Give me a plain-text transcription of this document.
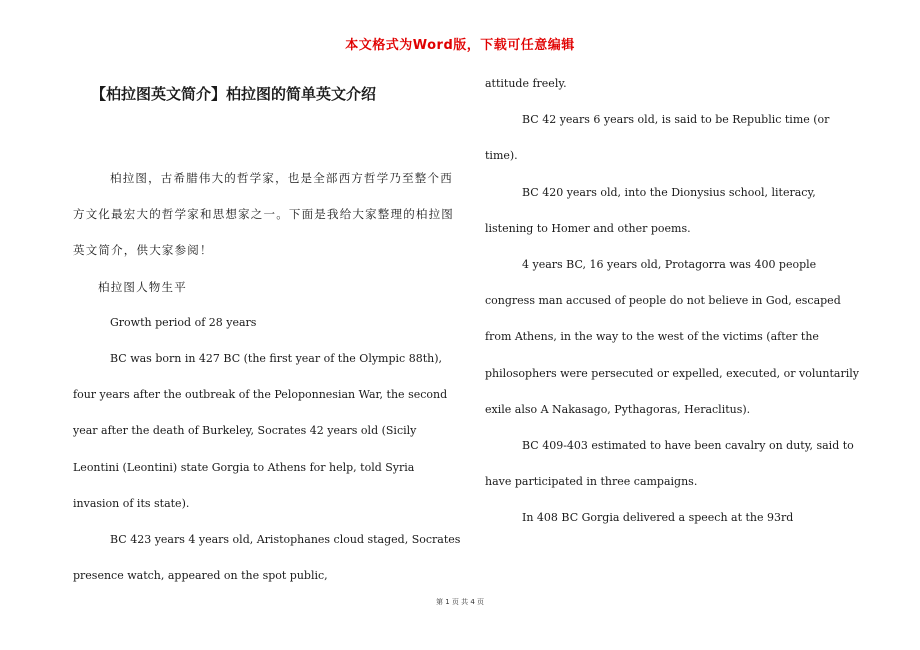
本文格式为Word版，下载可任意编辑
【柏拉图英文简介】柏拉图的简单英文介绍

柏拉图，古希腊伟大的哲学家，也是全部西方哲学乃至整个西方文化最宏大的哲学家和思想家之一。下面是我给大家整理的柏拉图英文简介，供大家参阅！

柏拉图人物生平

Growth period of 28 years

BC was born in 427 BC (the first year of the Olympic 88th), four years after the outbreak of the Peloponnesian War, the second year after the death of Burkeley, Socrates 42 years old (Sicily Leontini (Leontini) state Gorgia to Athens for help, told Syria invasion of its state).

BC 423 years 4 years old, Aristophanes cloud staged, Socrates presence watch, appeared on the spot public,

attitude freely.

BC 42 years 6 years old, is said to be Republic time (or time).

BC 420 years old, into the Dionysius school, literacy, listening to Homer and other poems.

4 years BC, 16 years old, Protagorra was 400 people congress man accused of people do not believe in God, escaped from Athens, in the way to the west of the victims (after the philosophers were persecuted or expelled, executed, or voluntarily exile also A Nakasago, Pythagoras, Heraclitus).

BC 409-403 estimated to have been cavalry on duty, said to have participated in three campaigns.

In 408 BC Gorgia delivered a speech at the 93rd

第 1 页 共 4 页
